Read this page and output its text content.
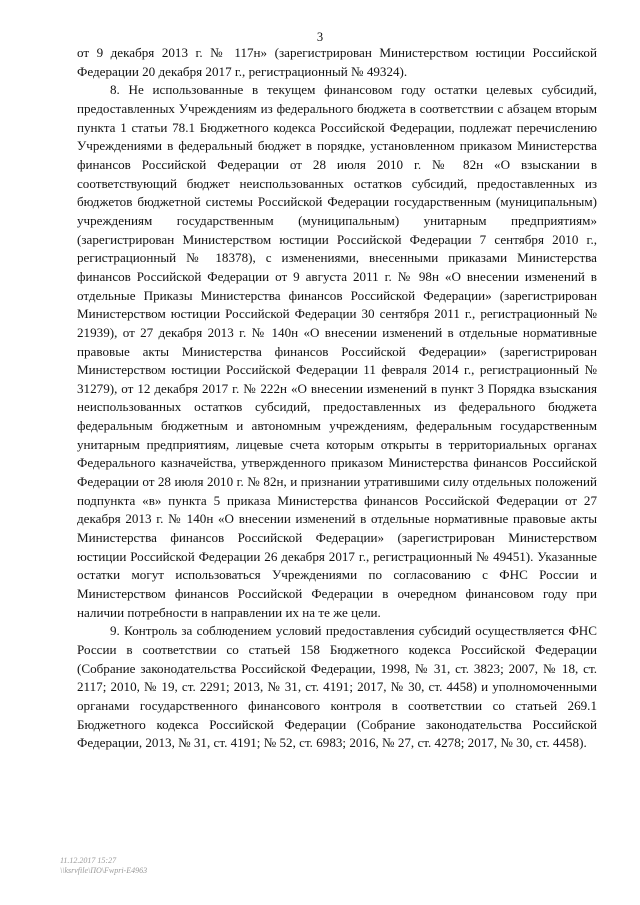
3

от 9 декабря 2013 г. № 117н» (зарегистрирован Министерством юстиции Российской Федерации 20 декабря 2017 г., регистрационный № 49324).

8. Не использованные в текущем финансовом году остатки целевых субсидий, предоставленных Учреждениям из федерального бюджета в соответствии с абзацем вторым пункта 1 статьи 78.1 Бюджетного кодекса Российской Федерации, подлежат перечислению Учреждениями в федеральный бюджет в порядке, установленном приказом Министерства финансов Российской Федерации от 28 июля 2010 г. № 82н «О взыскании в соответствующий бюджет неиспользованных остатков субсидий, предоставленных из бюджетов бюджетной системы Российской Федерации государственным (муниципальным) учреждениям государственным (муниципальным) унитарным предприятиям» (зарегистрирован Министерством юстиции Российской Федерации 7 сентября 2010 г., регистрационный № 18378), с изменениями, внесенными приказами Министерства финансов Российской Федерации от 9 августа 2011 г. № 98н «О внесении изменений в отдельные Приказы Министерства финансов Российской Федерации» (зарегистрирован Министерством юстиции Российской Федерации 30 сентября 2011 г., регистрационный № 21939), от 27 декабря 2013 г. № 140н «О внесении изменений в отдельные нормативные правовые акты Министерства финансов Российской Федерации» (зарегистрирован Министерством юстиции Российской Федерации 11 февраля 2014 г., регистрационный № 31279), от 12 декабря 2017 г. № 222н «О внесении изменений в пункт 3 Порядка взыскания неиспользованных остатков субсидий, предоставленных из федерального бюджета федеральным бюджетным и автономным учреждениям, федеральным государственным унитарным предприятиям, лицевые счета которым открыты в территориальных органах Федерального казначейства, утвержденного приказом Министерства финансов Российской Федерации от 28 июля 2010 г. № 82н, и признании утратившими силу отдельных положений подпункта «в» пункта 5 приказа Министерства финансов Российской Федерации от 27 декабря 2013 г. № 140н «О внесении изменений в отдельные нормативные правовые акты Министерства финансов Российской Федерации» (зарегистрирован Министерством юстиции Российской Федерации 26 декабря 2017 г., регистрационный № 49451). Указанные остатки могут использоваться Учреждениями по согласованию с ФНС России и Министерством финансов Российской Федерации в очередном финансовом году при наличии потребности в направлении их на те же цели.

9. Контроль за соблюдением условий предоставления субсидий осуществляется ФНС России в соответствии со статьей 158 Бюджетного кодекса Российской Федерации (Собрание законодательства Российской Федерации, 1998, № 31, ст. 3823; 2007, № 18, ст. 2117; 2010, № 19, ст. 2291; 2013, № 31, ст. 4191; 2017, № 30, ст. 4458) и уполномоченными органами государственного финансового контроля в соответствии со статьей 269.1 Бюджетного кодекса Российской Федерации (Собрание законодательства Российской Федерации, 2013, № 31, ст. 4191; № 52, ст. 6983; 2016, № 27, ст. 4278; 2017, № 30, ст. 4458).

11.12.2017 15:27
\\ksrvfile\ПО\Fwpri-E4963
